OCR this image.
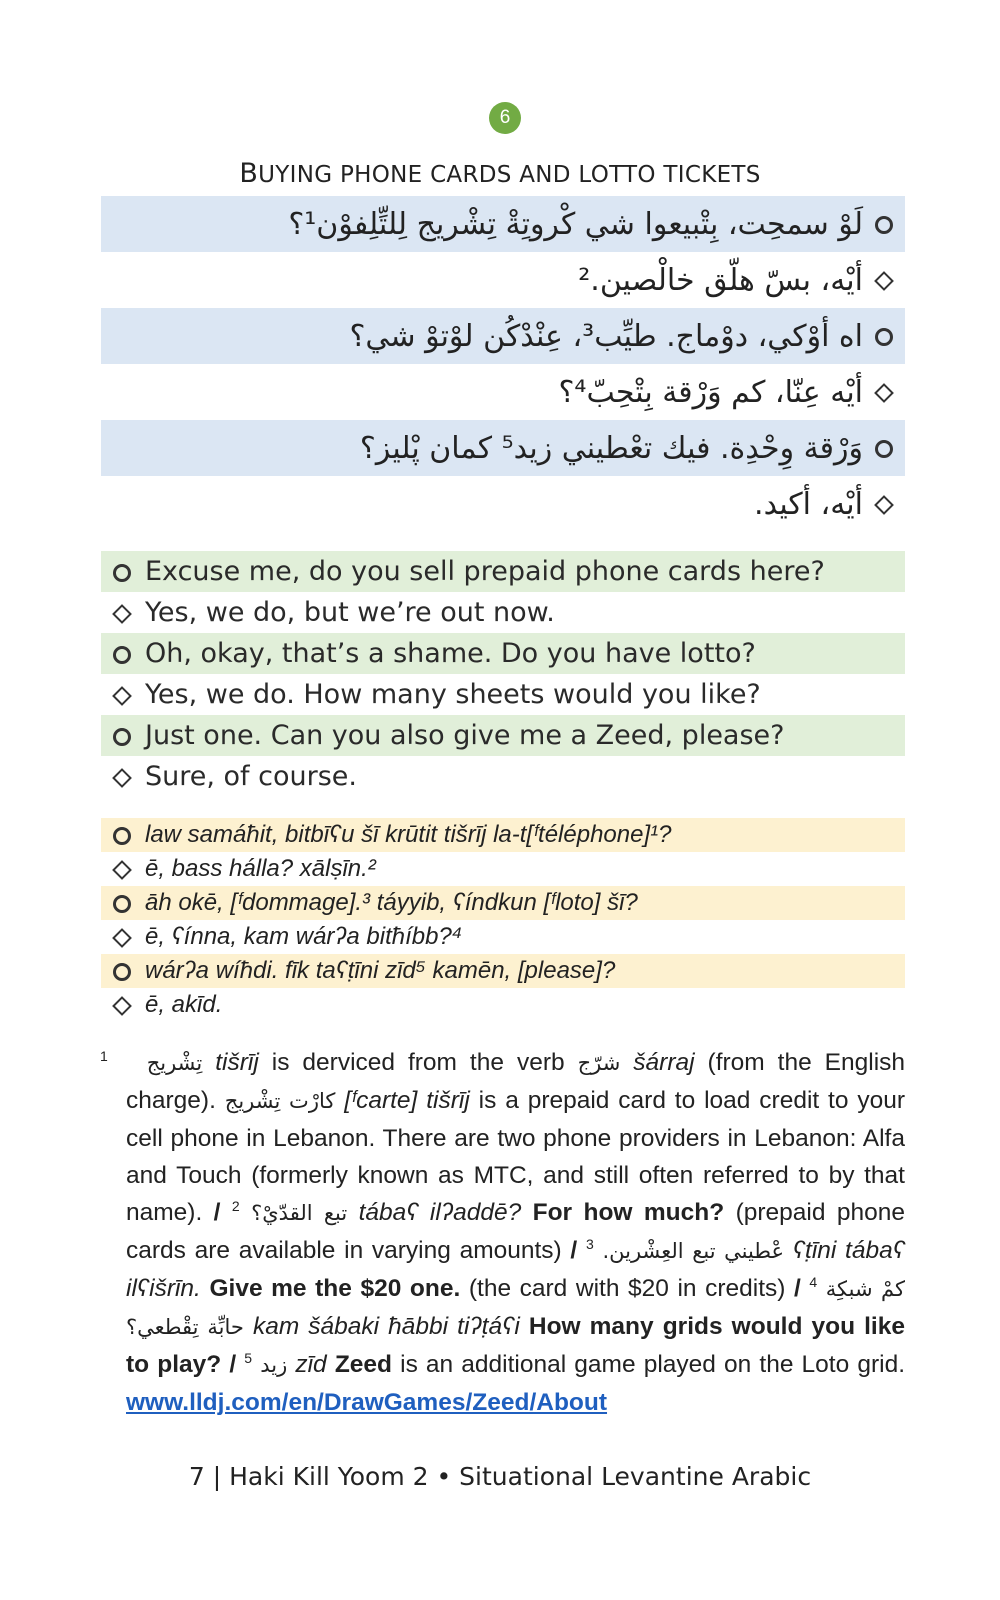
6
BUYING PHONE CARDS AND LOTTO TICKETS
لَوْ سمحِت، بِتْبيعوا شي كْروتِةْ تِشْريج لِلتِّلِفوْن¹؟
أيْه، بسّ هلّق خالْصين.²
اه أوْكي، دوْماج. طيِّب³، عِنْدْكُن لوْتوْ شي؟
أيْه عِنّا، كم وَرْقة بِتْحِبّ⁴؟
وَرْقة وِحْدِة. فيك تعْطيني زيد⁵ كمان پْليز؟
أيْه، أكيد.
Excuse me, do you sell prepaid phone cards here?
Yes, we do, but we’re out now.
Oh, okay, that’s a shame. Do you have lotto?
Yes, we do. How many sheets would you like?
Just one. Can you also give me a Zeed, please?
Sure, of course.
law samáħit, bitbīʕu šī krūtit tišrīj la-t[ᶠtéléphone]¹?
ē, bass hálla? xālṣīn.²
āh okē, [ᶠdommage].³ táyyib, ʕíndkun [ᶠloto] šī?
ē, ʕínna, kam wárʔa bitħíbb?⁴
wárʔa wíħdi. fīk taʕṭīni zīd⁵ kamēn, [please]?
ē, akīd.

$^1$ تِشْريج tišrīj is derviced from the verb شرّج šárraj (from the English charge). كارْت تِشْريج [ᶠcarte] tišrīj is a prepaid card to load credit to your cell phone in Lebanon. There are two phone providers in Lebanon: Alfa and Touch (formerly known as MTC, and still often referred to by that name). / $^2$ تبع القدّيْ؟ tábaʕ ilʔaddē? For how much? (prepaid phone cards are available in varying amounts) / $^3$ عْطيني تبع العِشْرين. ʕṭīni tábaʕ ilʕišrīn. Give me the $20 one. (the card with $20 in credits) / $^4$ كمْ شبكِة حابِّة تِقْطعي؟ kam šábaki ħābbi tiʔṭáʕi How many grids would you like to play? / $^5$ زيد zīd Zeed is an additional game played on the Loto grid. www.lldj.com/en/DrawGames/Zeed/About

7 | Haki Kill Yoom 2 • Situational Levantine Arabic
